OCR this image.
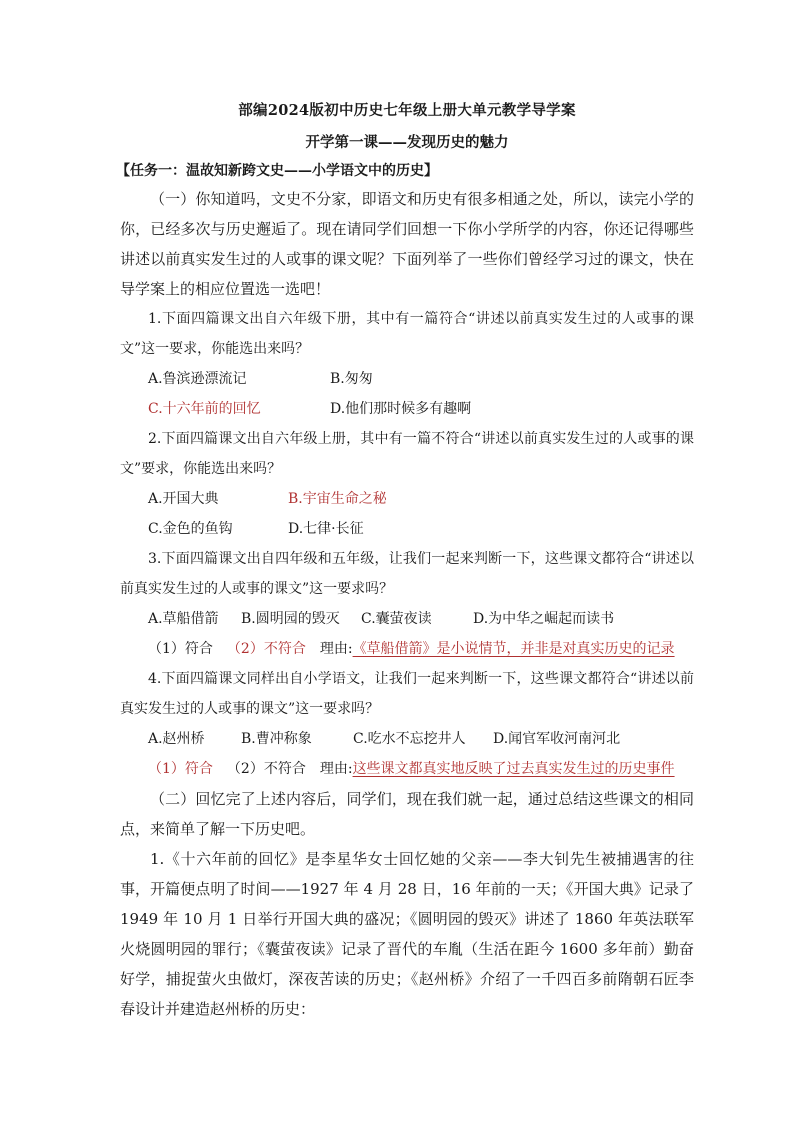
部编2024版初中历史七年级上册大单元教学导学案
开学第一课——发现历史的魅力
【任务一：温故知新跨文史——小学语文中的历史】

（一）你知道吗，文史不分家，即语文和历史有很多相通之处，所以，读完小学的你，已经多次与历史邂逅了。现在请同学们回想一下你小学所学的内容，你还记得哪些讲述以前真实发生过的人或事的课文呢？下面列举了一些你们曾经学习过的课文，快在导学案上的相应位置选一选吧！

1.下面四篇课文出自六年级下册，其中有一篇符合“讲述以前真实发生过的人或事的课文”这一要求，你能选出来吗？

A.鲁滨逊漂流记	B.匆匆
C.十六年前的回忆	D.他们那时候多有趣啊

2.下面四篇课文出自六年级上册，其中有一篇不符合“讲述以前真实发生过的人或事的课文”要求，你能选出来吗？

A.开国大典	B.宇宙生命之秘
C.金色的鱼钩	D.七律·长征

3.下面四篇课文出自四年级和五年级，让我们一起来判断一下，这些课文都符合“讲述以前真实发生过的人或事的课文”这一要求吗？

A.草船借箭 B.圆明园的毁灭 C.囊萤夜读	D.为中华之崛起而读书
（1）符合 （2）不符合 理由:《草船借箭》是小说情节，并非是对真实历史的记录

4.下面四篇课文同样出自小学语文，让我们一起来判断一下，这些课文都符合“讲述以前真实发生过的人或事的课文”这一要求吗？

A.赵州桥	B.曹冲称象	C.吃水不忘挖井人 D.闻官军收河南河北
（1）符合 （2）不符合 理由:这些课文都真实地反映了过去真实发生过的历史事件

（二）回忆完了上述内容后，同学们，现在我们就一起，通过总结这些课文的相同点，来简单了解一下历史吧。

1.《十六年前的回忆》是李星华女士回忆她的父亲——李大钊先生被捕遇害的往事，开篇便点明了时间——1927 年 4 月 28 日，16 年前的一天；《开国大典》记录了 1949 年 10 月 1 日举行开国大典的盛况；《圆明园的毁灭》讲述了 1860 年英法联军火烧圆明园的罪行；《囊萤夜读》记录了晋代的车胤（生活在距今 1600 多年前）勤奋好学，捕捉萤火虫做灯，深夜苦读的历史；《赵州桥》介绍了一千四百多前隋朝石匠李春设计并建造赵州桥的历史：
